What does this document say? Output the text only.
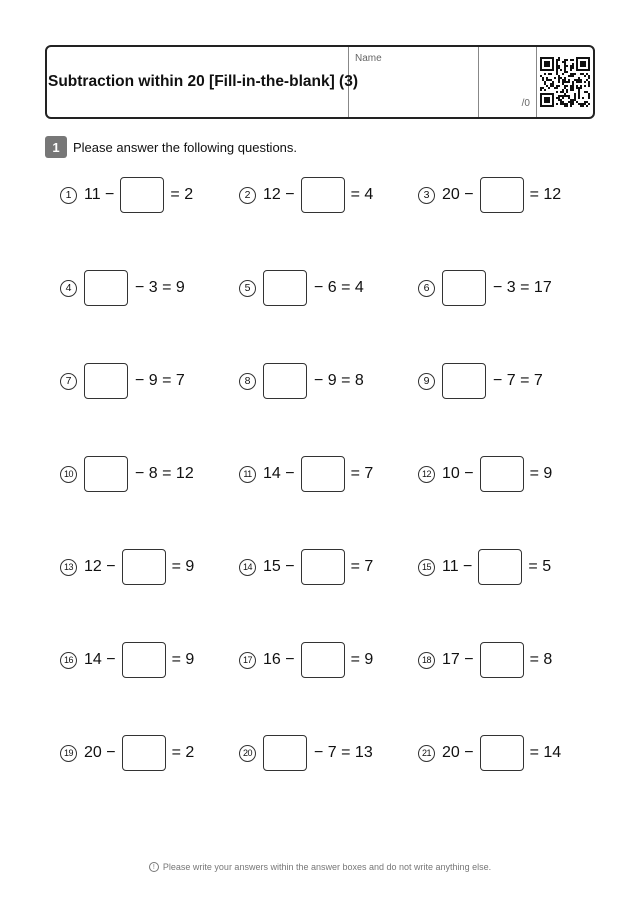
Subtraction within 20 [Fill-in-the-blank] (3)
Name
/0
1	Please answer the following questions.
1 11 −	= 2	2 12 −	= 4	3 20 −	= 12
4	− 3 = 9	5	− 6 = 4	6	− 3 = 17
7	− 9 = 7	8	− 9 = 8	9	− 7 = 7
10	− 8 = 12	11 14 −	= 7	12 10 −	= 9
13 12 −	= 9	14 15 −	= 7	15 11 −	= 5
16 14 −	= 9	17 16 −	= 9	18 17 −	= 8
19 20 −	= 2	20	− 7 = 13	21 20 −	= 14
! Please write your answers within the answer boxes and do not write anything else.
